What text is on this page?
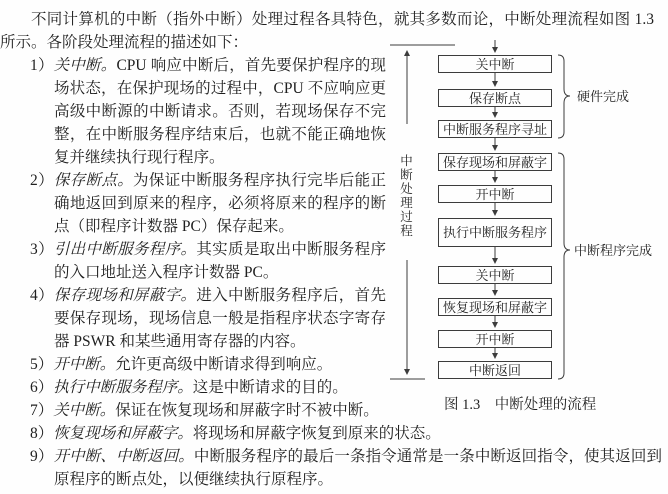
不同计算机的中断（指外中断）处理过程各具特色，就其多数而论，中断处理流程如图 1.3 所示。各阶段处理流程的描述如下：

1）关中断。CPU 响应中断后，首先要保护程序的现场状态，在保护现场的过程中，CPU 不应响应更高级中断源的中断请求。否则，若现场保存不完整，在中断服务程序结束后，也就不能正确地恢复并继续执行现行程序。
2）保存断点。为保证中断服务程序执行完毕后能正确地返回到原来的程序，必须将原来的程序的断点（即程序计数器 PC）保存起来。
3）引出中断服务程序。其实质是取出中断服务程序的入口地址送入程序计数器 PC。
4）保存现场和屏蔽字。进入中断服务程序后，首先要保存现场，现场信息一般是指程序状态字寄存器 PSWR 和某些通用寄存器的内容。
5）开中断。允许更高级中断请求得到响应。
6）执行中断服务程序。这是中断请求的目的。
7）关中断。保证在恢复现场和屏蔽字时不被中断。
8）恢复现场和屏蔽字。将现场和屏蔽字恢复到原来的状态。
9）开中断、中断返回。中断服务程序的最后一条指令通常是一条中断返回指令，使其返回到原程序的断点处，以便继续执行原程序。
关中断
保存断点
中断服务程序寻址
保存现场和屏蔽字
开中断
执行中断服务程序
关中断
恢复现场和屏蔽字
开中断
中断返回
中断处理过程
硬件完成
中断程序完成
图 1.3　中断处理的流程
